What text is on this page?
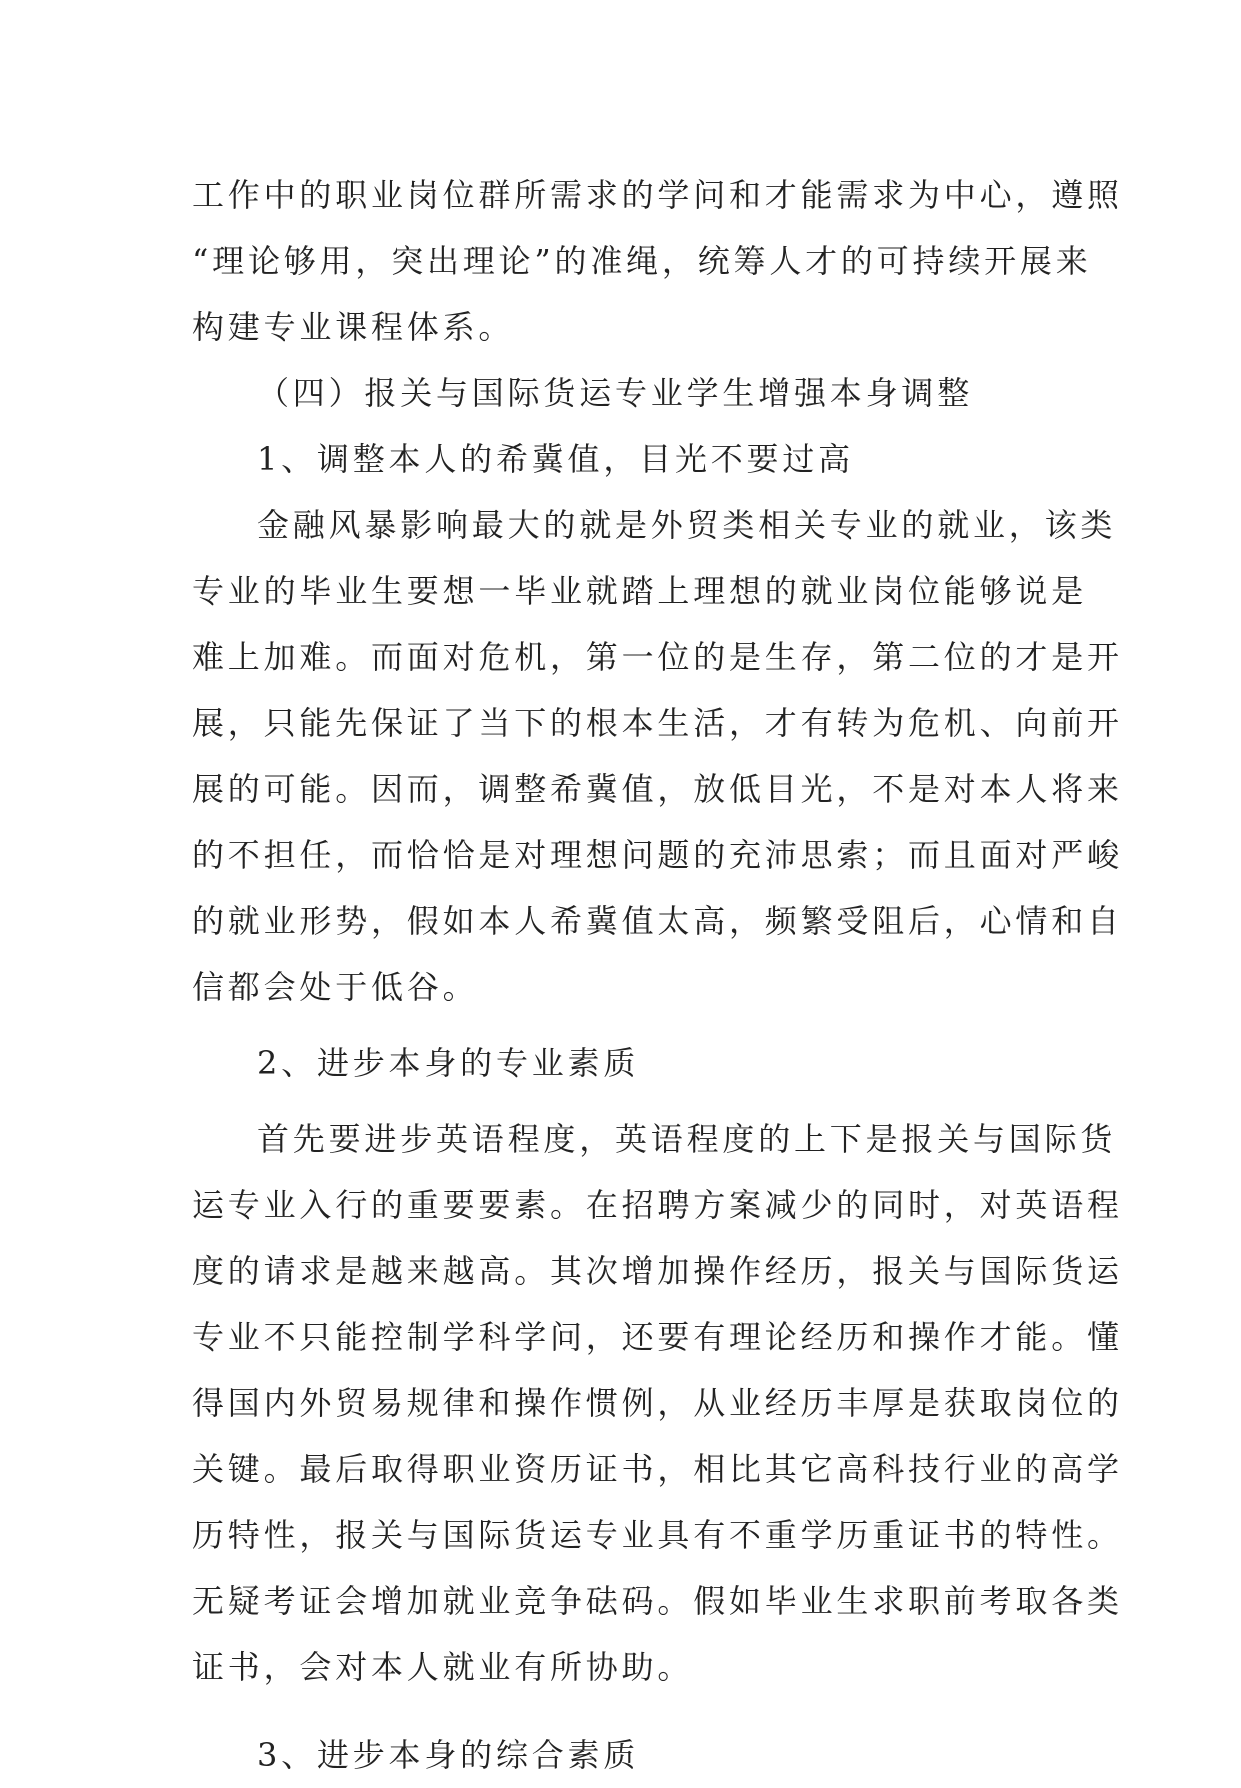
工作中的职业岗位群所需求的学问和才能需求为中心，遵照
“理论够用，突出理论”的准绳，统筹人才的可持续开展来
构建专业课程体系。
（四）报关与国际货运专业学生增强本身调整
1、调整本人的希冀值，目光不要过高
金融风暴影响最大的就是外贸类相关专业的就业，该类
专业的毕业生要想一毕业就踏上理想的就业岗位能够说是
难上加难。而面对危机，第一位的是生存，第二位的才是开
展，只能先保证了当下的根本生活，才有转为危机、向前开
展的可能。因而，调整希冀值，放低目光，不是对本人将来
的不担任，而恰恰是对理想问题的充沛思索；而且面对严峻
的就业形势，假如本人希冀值太高，频繁受阻后，心情和自
信都会处于低谷。
2、进步本身的专业素质
首先要进步英语程度，英语程度的上下是报关与国际货
运专业入行的重要要素。在招聘方案减少的同时，对英语程
度的请求是越来越高。其次增加操作经历，报关与国际货运
专业不只能控制学科学问，还要有理论经历和操作才能。懂
得国内外贸易规律和操作惯例，从业经历丰厚是获取岗位的
关键。最后取得职业资历证书，相比其它高科技行业的高学
历特性，报关与国际货运专业具有不重学历重证书的特性。
无疑考证会增加就业竞争砝码。假如毕业生求职前考取各类
证书，会对本人就业有所协助。
3、进步本身的综合素质
